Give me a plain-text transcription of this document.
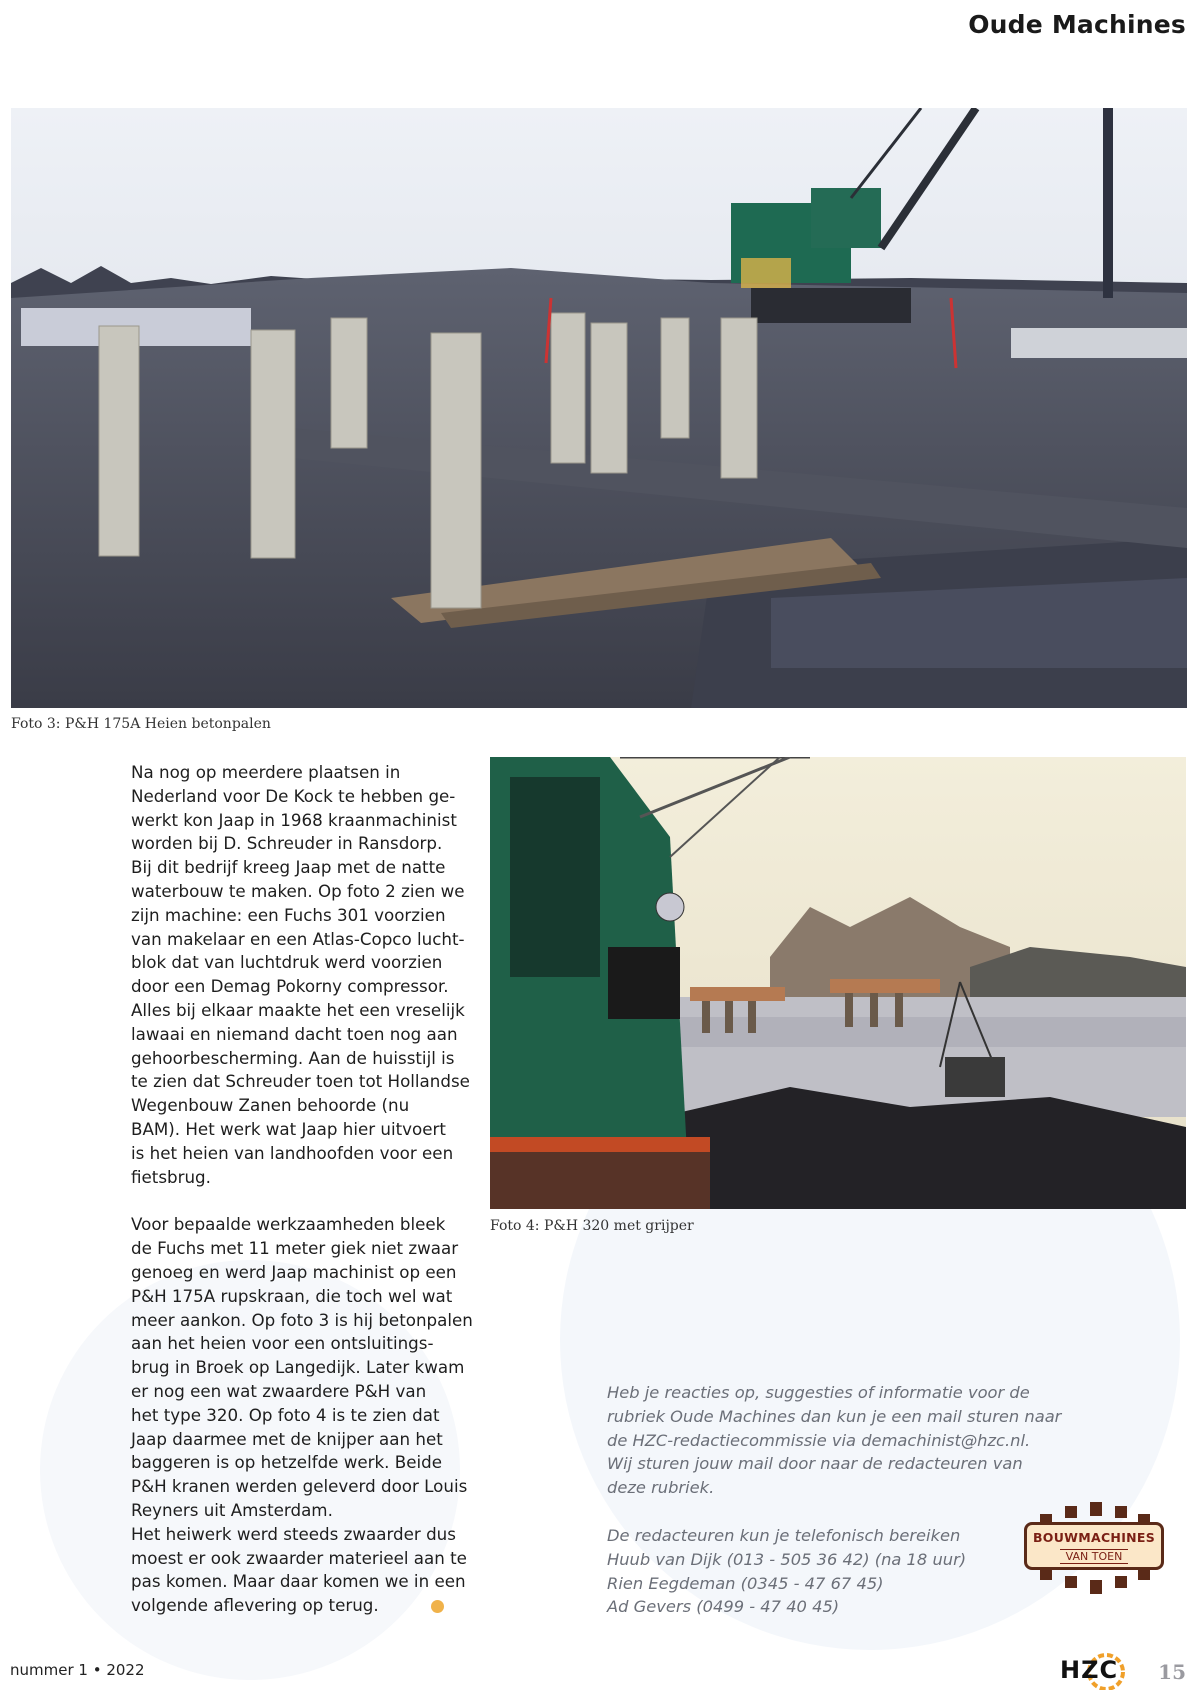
Oude Machines
Foto 3: P&H 175A Heien betonpalen
Foto 4: P&H 320 met grijper

Na nog op meerdere plaatsen in

Nederland voor De Kock te hebben ge-

werkt kon Jaap in 1968 kraanmachinist

worden bij D. Schreuder in Ransdorp.

Bij dit bedrijf kreeg Jaap met de natte

waterbouw te maken. Op foto 2 zien we

zijn machine: een Fuchs 301 voorzien

van makelaar en een Atlas-Copco lucht-

blok dat van luchtdruk werd voorzien

door een Demag Pokorny compressor.

Alles bij elkaar maakte het een vreselijk

lawaai en niemand dacht toen nog aan

gehoorbescherming. Aan de huisstijl is

te zien dat Schreuder toen tot Hollandse

Wegenbouw Zanen behoorde (nu

BAM). Het werk wat Jaap hier uitvoert

is het heien van landhoofden voor een

fietsbrug.

Voor bepaalde werkzaamheden bleek

de Fuchs met 11 meter giek niet zwaar

genoeg en werd Jaap machinist op een

P&H 175A rupskraan, die toch wel wat

meer aankon. Op foto 3 is hij betonpalen

aan het heien voor een ontsluitings-

brug in Broek op Langedijk. Later kwam

er nog een wat zwaardere P&H van

het type 320. Op foto 4 is te zien dat

Jaap daarmee met de knijper aan het

baggeren is op hetzelfde werk. Beide

P&H kranen werden geleverd door Louis

Reyners uit Amsterdam.

Het heiwerk werd steeds zwaarder dus

moest er ook zwaarder materieel aan te

pas komen. Maar daar komen we in een

volgende aflevering op terug.

Heb je reacties op, suggesties of informatie voor de

rubriek Oude Machines dan kun je een mail sturen naar

de HZC-redactiecommissie via demachinist@hzc.nl.

Wij sturen jouw mail door naar de redacteuren van

deze rubriek.

De redacteuren kun je telefonisch bereiken

Huub van Dijk (013 - 505 36 42) (na 18 uur)

Rien Eegdeman (0345 - 47 67 45)

Ad Gevers (0499 - 47 40 45)

BOUWMACHINES
VAN TOEN
nummer 1 • 2022	HZC 15
